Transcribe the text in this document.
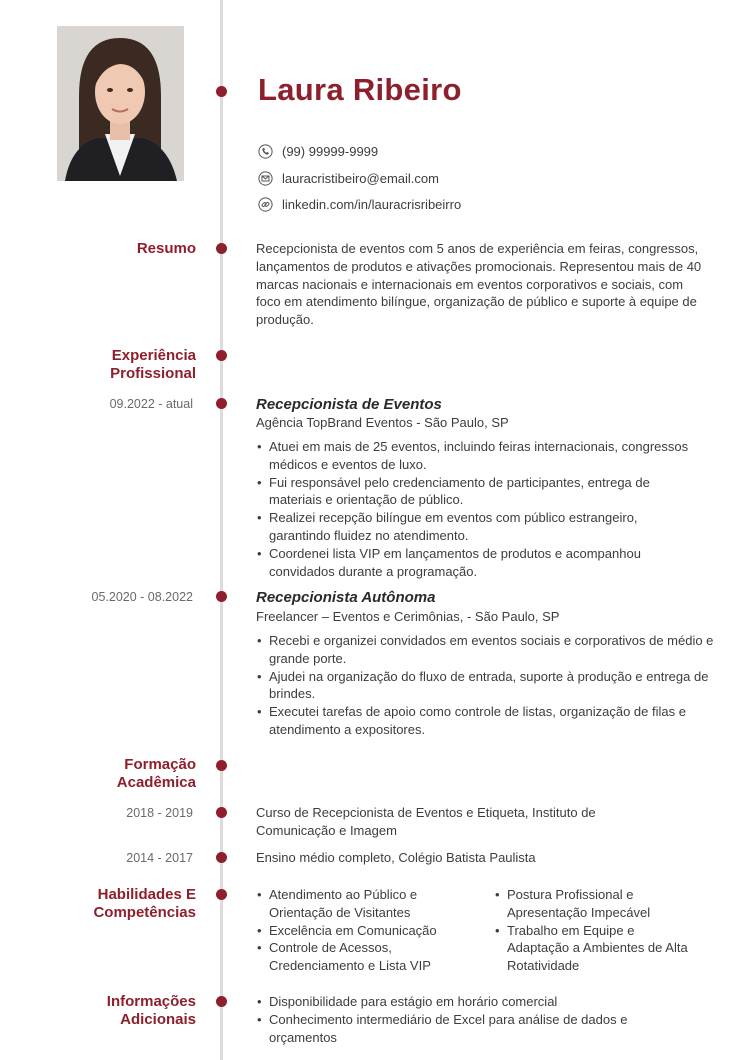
Laura Ribeiro
(99) 99999-9999
lauracristibeiro@email.com
linkedin.com/in/lauracrisribeirro
Resumo	Recepcionista de eventos com 5 anos de experiência em feiras, congressos, lançamentos de produtos e ativações promocionais. Representou mais de 40 marcas nacionais e internacionais em eventos corporativos e sociais, com foco em atendimento bilíngue, organização de público e suporte à equipe de produção.
Experiência
Profissional
09.2022 - atual	Recepcionista de Eventos
Agência TopBrand Eventos - São Paulo, SP
• Atuei em mais de 25 eventos, incluindo feiras internacionais, congressos médicos e eventos de luxo.
• Fui responsável pelo credenciamento de participantes, entrega de materiais e orientação de público.
• Realizei recepção bilíngue em eventos com público estrangeiro, garantindo fluidez no atendimento.
• Coordenei lista VIP em lançamentos de produtos e acompanhou convidados durante a programação.
05.2020 - 08.2022	Recepcionista Autônoma
Freelancer – Eventos e Cerimônias, - São Paulo, SP
• Recebi e organizei convidados em eventos sociais e corporativos de médio e grande porte.
• Ajudei na organização do fluxo de entrada, suporte à produção e entrega de brindes.
• Executei tarefas de apoio como controle de listas, organização de filas e atendimento a expositores.
Formação
Acadêmica
2018 - 2019	Curso de Recepcionista de Eventos e Etiqueta, Instituto de Comunicação e Imagem
2014 - 2017	Ensino médio completo, Colégio Batista Paulista
Habilidades E
Competências
• Atendimento ao Público e Orientação de Visitantes
• Excelência em Comunicação
• Controle de Acessos, Credenciamento e Lista VIP
• Postura Profissional e Apresentação Impecável
• Trabalho em Equipe e Adaptação a Ambientes de Alta Rotatividade
Informações
Adicionais
• Disponibilidade para estágio em horário comercial
• Conhecimento intermediário de Excel para análise de dados e orçamentos
